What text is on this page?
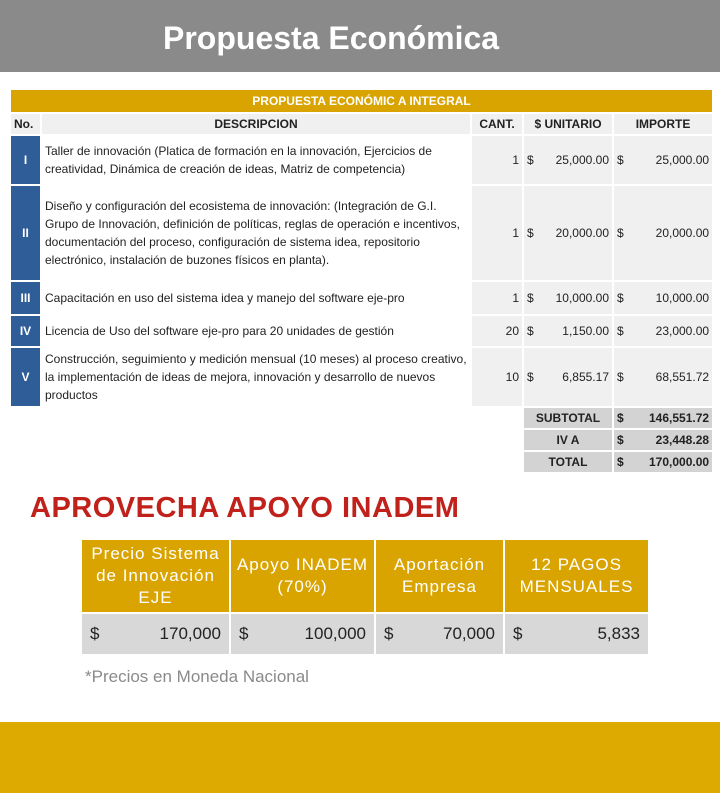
Propuesta Económica
PROPUESTA ECONÓMIC A INTEGRAL				
No.	DESCRIPCION	CANT.	$ UNITARIO	IMPORTE
I	Taller de innovación (Platica de formación en la innovación, Ejercicios de creatividad, Dinámica de creación de ideas, Matriz de competencia)	1	$ 25,000.00	$ 25,000.00

II	Diseño y configuración del ecosistema de innovación: (Integración de G.I. Grupo de Innovación, definición de políticas, reglas de operación e incentivos, documentación del proceso, configuración de sistema idea, repositorio electrónico, instalación de buzones físicos en planta).	1	$ 20,000.00	$ 20,000.00

III	Capacitación en uso del sistema idea y manejo del software eje-pro	1	$ 10,000.00	$ 10,000.00

IV	Licencia de Uso del software eje-pro para 20 unidades de gestión	20	$ 1,150.00	$ 23,000.00

V	Construcción, seguimiento y medición mensual (10 meses) al proceso creativo, la implementación de ideas de mejora, innovación y desarrollo de nuevos productos	10	$ 6,855.17	$ 68,551.72

			SUBTOTAL	$ 146,551.72

			IV A	$ 23,448.28

			TOTAL	$ 170,000.00
APROVECHA APOYO INADEM
Precio Sistema de Innovación EJE	Apoyo INADEM (70%)	Aportación Empresa	12 PAGOS MENSUALES

$ 170,000	$ 100,000	$ 70,000	$ 5,833
*Precios en Moneda Nacional
